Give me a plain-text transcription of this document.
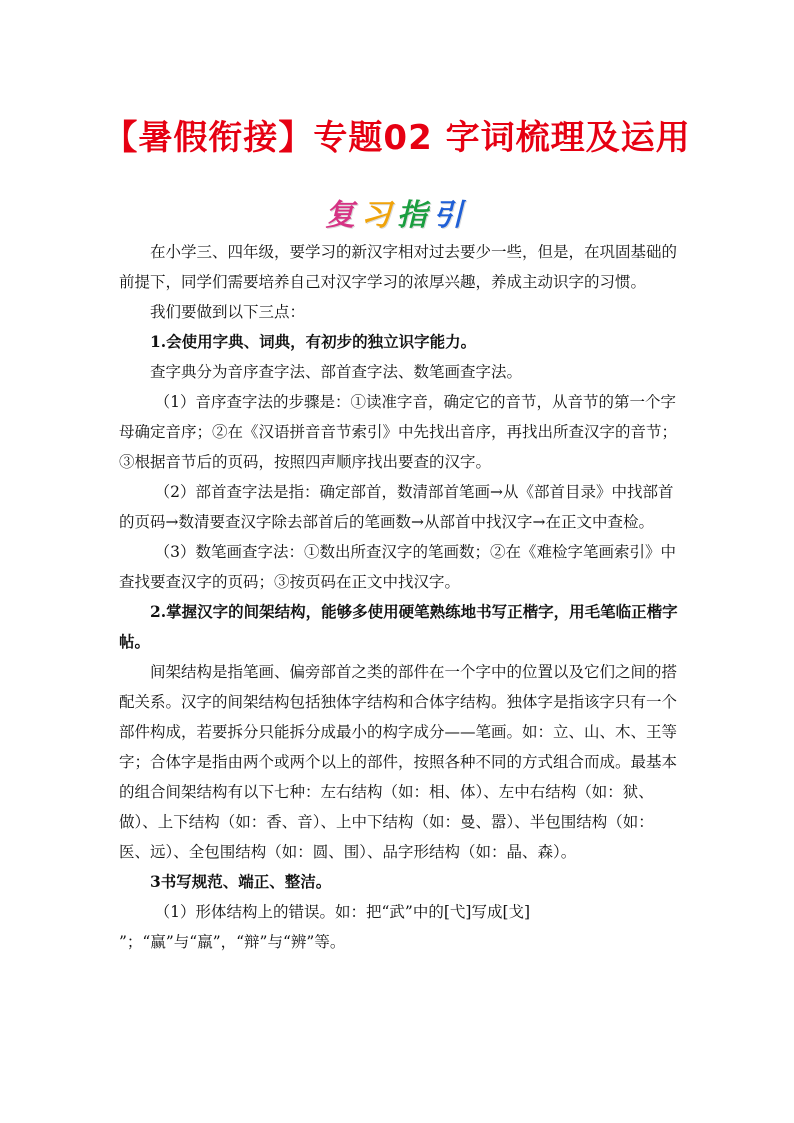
【暑假衔接】专题02 字词梳理及运用
复习指引

在小学三、四年级，要学习的新汉字相对过去要少一些，但是，在巩固基础的前提下，同学们需要培养自己对汉字学习的浓厚兴趣，养成主动识字的习惯。

我们要做到以下三点：

1.会使用字典、词典，有初步的独立识字能力。

查字典分为音序查字法、部首查字法、数笔画查字法。

（1）音序查字法的步骤是：①读准字音，确定它的音节，从音节的第一个字母确定音序；②在《汉语拼音音节索引》中先找出音序，再找出所查汉字的音节；③根据音节后的页码，按照四声顺序找出要查的汉字。

（2）部首查字法是指：确定部首，数清部首笔画→从《部首目录》中找部首的页码→数清要查汉字除去部首后的笔画数→从部首中找汉字→在正文中查检。

（3）数笔画查字法：①数出所查汉字的笔画数；②在《难检字笔画索引》中查找要查汉字的页码；③按页码在正文中找汉字。

2.掌握汉字的间架结构，能够多使用硬笔熟练地书写正楷字，用毛笔临正楷字帖。

间架结构是指笔画、偏旁部首之类的部件在一个字中的位置以及它们之间的搭配关系。汉字的间架结构包括独体字结构和合体字结构。独体字是指该字只有一个部件构成，若要拆分只能拆分成最小的构字成分——笔画。如：立、山、木、王等字；合体字是指由两个或两个以上的部件，按照各种不同的方式组合而成。最基本的组合间架结构有以下七种：左右结构（如：相、体）、左中右结构（如：狱、做）、上下结构（如：香、音）、上中下结构（如：曼、嚣）、半包围结构（如：医、远）、全包围结构（如：圆、围）、品字形结构（如：晶、森）。

3书写规范、端正、整洁。

（1）形体结构上的错误。如：把“武”中的[弋]写成[戈] ”；“赢”与“羸”，“辩”与“辨”等。
